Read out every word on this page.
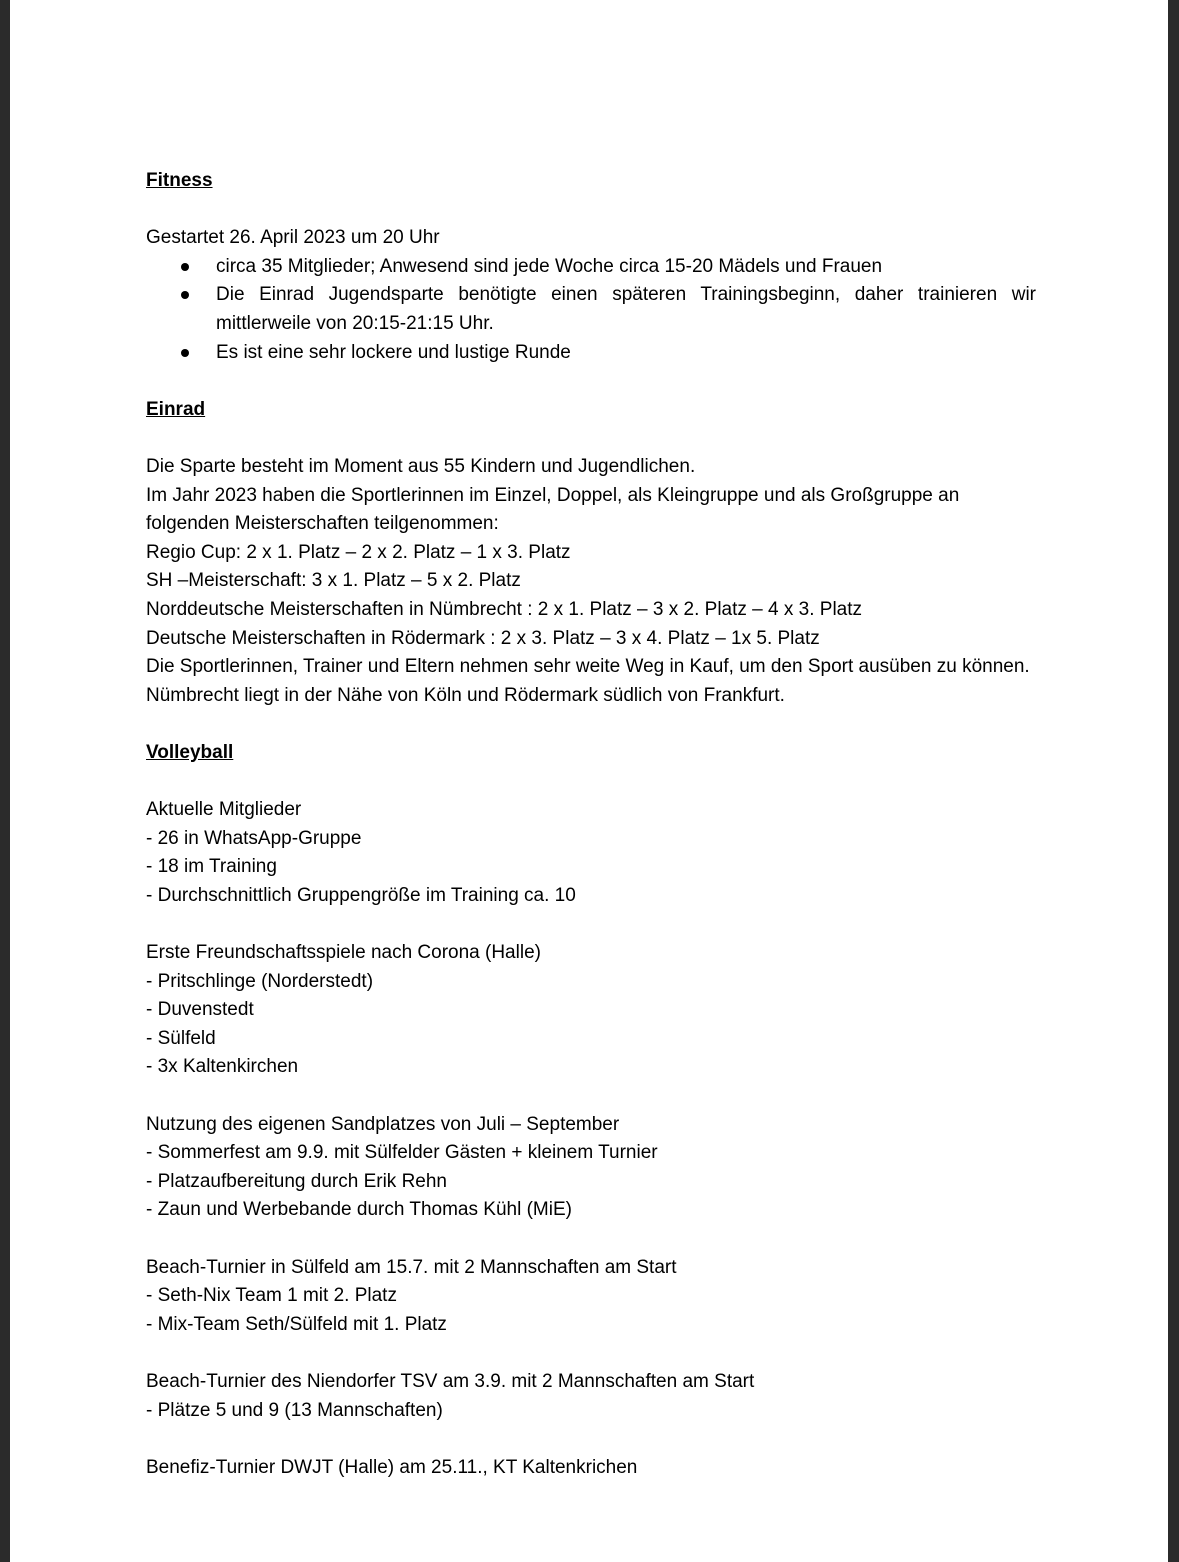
Fitness

Gestartet 26. April 2023 um 20 Uhr

circa 35 Mitglieder; Anwesend sind jede Woche circa 15-20 Mädels und Frauen
Die Einrad Jugendsparte benötigte einen späteren Trainingsbeginn, daher trainieren wir mittlerweile von 20:15-21:15 Uhr.
Es ist eine sehr lockere und lustige Runde
Einrad

Die Sparte besteht im Moment aus 55 Kindern und Jugendlichen.

Im Jahr 2023 haben die Sportlerinnen im Einzel, Doppel, als Kleingruppe und als Großgruppe an folgenden Meisterschaften teilgenommen:

Regio Cup: 2 x 1. Platz – 2 x 2. Platz – 1 x 3. Platz

SH –Meisterschaft: 3 x 1. Platz – 5 x 2. Platz

Norddeutsche Meisterschaften in Nümbrecht : 2 x 1. Platz – 3 x 2. Platz – 4 x 3. Platz

Deutsche Meisterschaften in Rödermark : 2 x 3. Platz – 3 x 4. Platz – 1x 5. Platz

Die Sportlerinnen, Trainer und Eltern nehmen sehr weite Weg in Kauf, um den Sport ausüben zu können. Nümbrecht liegt in der Nähe von Köln und Rödermark südlich von Frankfurt.

Volleyball

Aktuelle Mitglieder

- 26 in WhatsApp-Gruppe

- 18 im Training

- Durchschnittlich Gruppengröße im Training ca. 10

Erste Freundschaftsspiele nach Corona (Halle)

- Pritschlinge (Norderstedt)

- Duvenstedt

- Sülfeld

- 3x Kaltenkirchen

Nutzung des eigenen Sandplatzes von Juli – September

- Sommerfest am 9.9. mit Sülfelder Gästen + kleinem Turnier

- Platzaufbereitung durch Erik Rehn

- Zaun und Werbebande durch Thomas Kühl (MiE)

Beach-Turnier in Sülfeld am 15.7. mit 2 Mannschaften am Start

- Seth-Nix Team 1 mit 2. Platz

- Mix-Team Seth/Sülfeld mit 1. Platz

Beach-Turnier des Niendorfer TSV am 3.9. mit 2 Mannschaften am Start

- Plätze 5 und 9 (13 Mannschaften)

Benefiz-Turnier DWJT (Halle) am 25.11., KT Kaltenkrichen
